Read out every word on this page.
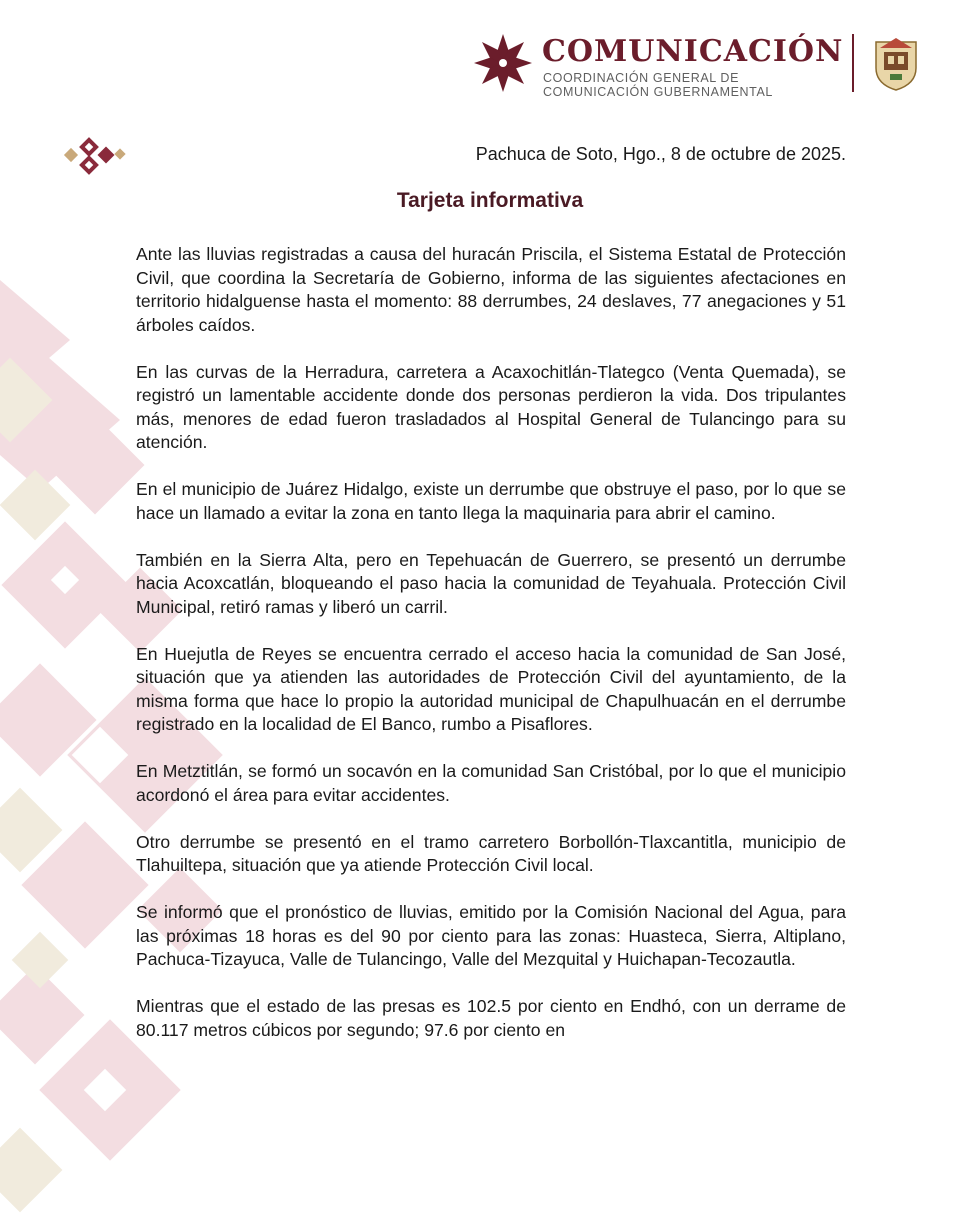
COMUNICACIÓN
COORDINACIÓN GENERAL DE
COMUNICACIÓN GUBERNAMENTAL
Pachuca de Soto, Hgo., 8 de octubre de 2025.
Tarjeta informativa

Ante las lluvias registradas a causa del huracán Priscila, el Sistema Estatal de Protección Civil, que coordina la Secretaría de Gobierno, informa de las siguientes afectaciones en territorio hidalguense hasta el momento: 88 derrumbes, 24 deslaves, 77 anegaciones y 51 árboles caídos.

En las curvas de la Herradura, carretera a Acaxochitlán-Tlategco (Venta Quemada), se registró un lamentable accidente donde dos personas perdieron la vida. Dos tripulantes más, menores de edad fueron trasladados al Hospital General de Tulancingo para su atención.

En el municipio de Juárez Hidalgo, existe un derrumbe que obstruye el paso, por lo que se hace un llamado a evitar la zona en tanto llega la maquinaria para abrir el camino.

También en la Sierra Alta, pero en Tepehuacán de Guerrero, se presentó un derrumbe hacia Acoxcatlán, bloqueando el paso hacia la comunidad de Teyahuala. Protección Civil Municipal, retiró ramas y liberó un carril.

En Huejutla de Reyes se encuentra cerrado el acceso hacia la comunidad de San José, situación que ya atienden las autoridades de Protección Civil del ayuntamiento, de la misma forma que hace lo propio la autoridad municipal de Chapulhuacán en el derrumbe registrado en la localidad de El Banco, rumbo a Pisaflores.

En Metztitlán, se formó un socavón en la comunidad San Cristóbal, por lo que el municipio acordonó el área para evitar accidentes.

Otro derrumbe se presentó en el tramo carretero Borbollón-Tlaxcantitla, municipio de Tlahuiltepa, situación que ya atiende Protección Civil local.

Se informó que el pronóstico de lluvias, emitido por la Comisión Nacional del Agua, para las próximas 18 horas es del 90 por ciento para las zonas: Huasteca, Sierra, Altiplano, Pachuca-Tizayuca, Valle de Tulancingo, Valle del Mezquital y Huichapan-Tecozautla.

Mientras que el estado de las presas es 102.5 por ciento en Endhó, con un derrame de 80.117 metros cúbicos por segundo; 97.6 por ciento en
